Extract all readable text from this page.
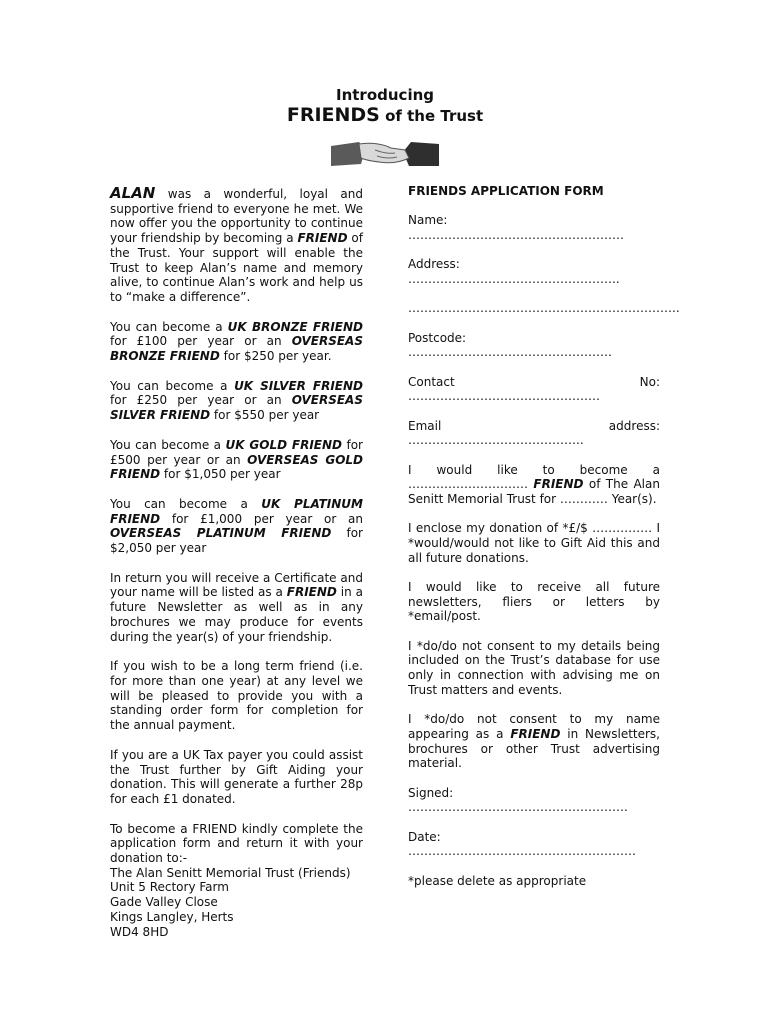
Introducing
FRIENDS of the Trust

ALAN was a wonderful, loyal and supportive friend to everyone he met. We now offer you the opportunity to continue your friendship by becoming a FRIEND of the Trust. Your support will enable the Trust to keep Alan’s name and memory alive, to continue Alan’s work and help us to “make a difference”.

You can become a UK BRONZE FRIEND for £100 per year or an OVERSEAS BRONZE FRIEND for $250 per year.

You can become a UK SILVER FRIEND for £250 per year or an OVERSEAS SILVER FRIEND for $550 per year

You can become a UK GOLD FRIEND for £500 per year or an OVERSEAS GOLD FRIEND for $1,050 per year

You can become a UK PLATINUM FRIEND for £1,000 per year or an OVERSEAS PLATINUM FRIEND for $2,050 per year

In return you will receive a Certificate and your name will be listed as a FRIEND in a future Newsletter as well as in any brochures we may produce for events during the year(s) of your friendship.

If you wish to be a long term friend (i.e. for more than one year) at any level we will be pleased to provide you with a standing order form for completion for the annual payment.

If you are a UK Tax payer you could assist the Trust further by Gift Aiding your donation. This will generate a further 28p for each £1 donated.

To become a FRIEND kindly complete the application form and return it with your donation to:-
The Alan Senitt Memorial Trust (Friends)
Unit 5 Rectory Farm
Gade Valley Close
Kings Langley, Herts
WD4 8HD

FRIENDS APPLICATION FORM

Name: ………………………………………………

Address: ……………………………………………..

…………………………………………………………..

Postcode: ……………………………………………

Contact No: …………………………………………

Email address: ……………………………………..

I would like to become a ………………………… FRIEND of The Alan Senitt Memorial Trust for ………… Year(s).

I enclose my donation of *£/$ …………… I *would/would not like to Gift Aid this and all future donations.

I would like to receive all future newsletters, fliers or letters by *email/post.

I *do/do not consent to my details being included on the Trust’s database for use only in connection with advising me on Trust matters and events.

I *do/do not consent to my name appearing as a FRIEND in Newsletters, brochures or other Trust advertising material.

Signed: ……………………………………………….

Date: …………………………………………………

*please delete as appropriate
